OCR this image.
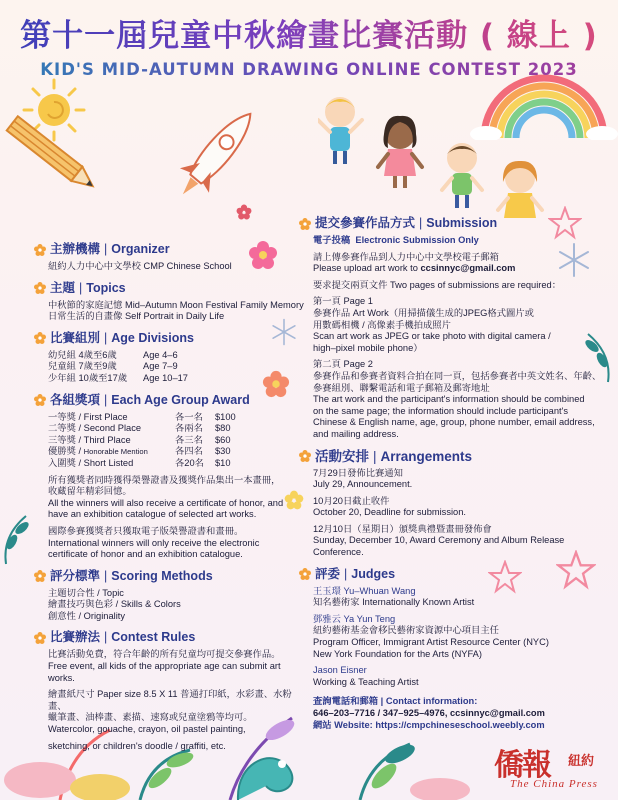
第十一屆兒童中秋繪畫比賽活動 ( 線上 )
KID'S MID-AUTUMN DRAWING ONLINE CONTEST 2023
主辦機構 | Organizer
紐約人力中心中文學校 CMP Chinese School
主題 | Topics
中秋節的家庭記憶 Mid–Autumn Moon Festival Family Memory
日常生活的自畫像 Self Portrait in Daily Life
比賽組別 | Age Divisions
幼兒組 4歲至6歲	Age 4–6
兒童組 7歲至9歲	Age 7–9
少年組 10歲至17歲	Age 10–17
各組獎項 | Each Age Group Award
一等獎 / First Place	各一名	$100
二等獎 / Second Place	各兩名	$80
三等獎 / Third Place	各三名	$60
優勝獎 / Honorable Mention	各四名	$30
入圍獎 / Short Listed	各20名	$10
所有獲獎者同時獲得榮譽證書及獲獎作品集出一本畫冊，
收藏留年精彩回憶。
All the winners will also receive a certificate of honor, and
have an exhibition catalogue of selected art works.
國際參賽獲獎者只獲取電子版榮譽證書和畫冊。
International winners will only receive the electronic
certificate of honor and an exhibition catalogue.
評分標準 | Scoring Methods
主題切合性 / Topic
繪畫技巧與色彩 / Skills & Colors
創意性 / Originality
比賽辦法 | Contest Rules
比賽活動免費，符合年齡的所有兒童均可提交參賽作品。
Free event, all kids of the appropriate age can submit art works.
繪畫紙尺寸 Paper size 8.5 X 11 普通打印紙，水彩畫、水粉畫、
蠟筆畫、油棒畫、素描、速寫或兒童塗鴉等均可。
Watercolor, gouache, crayon, oil pastel painting,
sketching, or children's doodle / graffiti, etc.
提交參賽作品方式 | Submission
電子投稿 Electronic Submission Only
請上傳參賽作品到人力中心中文學校電子郵箱
Please upload art work to ccsinnyc@gmail.com
要求提交兩頁文件 Two pages of submissions are required：
第一頁 Page 1
參賽作品 Art Work（用掃描儀生成的JPEG格式圖片或
用數碼相機 / 高像素手機拍成照片
Scan art work as JPEG or take photo with digital camera /
high–pixel mobile phone）
第二頁 Page 2
參賽作品和參賽者資料合拍在同一頁，包括參賽者中英文姓名、年齡、
參賽組別、聯繫電話和電子郵箱及郵寄地址
The art work and the participant's information should be combined
on the same page; the information should include participant's
Chinese & English name, age, group, phone number, email address,
and mailing address.
活動安排 | Arrangements
7月29日發佈比賽通知
July 29, Announcement.
10月20日截止收件
October 20, Deadline for submission.
12月10日（星期日）頒獎典禮暨畫冊發佈會
Sunday, December 10, Award Ceremony and Album Release Conference.
評委 | Judges
王玉環 Yu–Whuan Wang
知名藝術家 Internationally Known Artist
鄧雅云 Ya Yun Teng
紐約藝術基金會移民藝術家資源中心項目主任
Program Officer, Immigrant Artist Resource Center (NYC)
New York Foundation for the Arts (NYFA)
Jason Eisner
Working & Teaching Artist
查詢電話和郵箱 | Contact information:
646–203–7716 / 347–925–4976, ccsinnyc@gmail.com
網站 Website: https://cmpchineseschool.weebly.com
僑報 紐約
The China Press
